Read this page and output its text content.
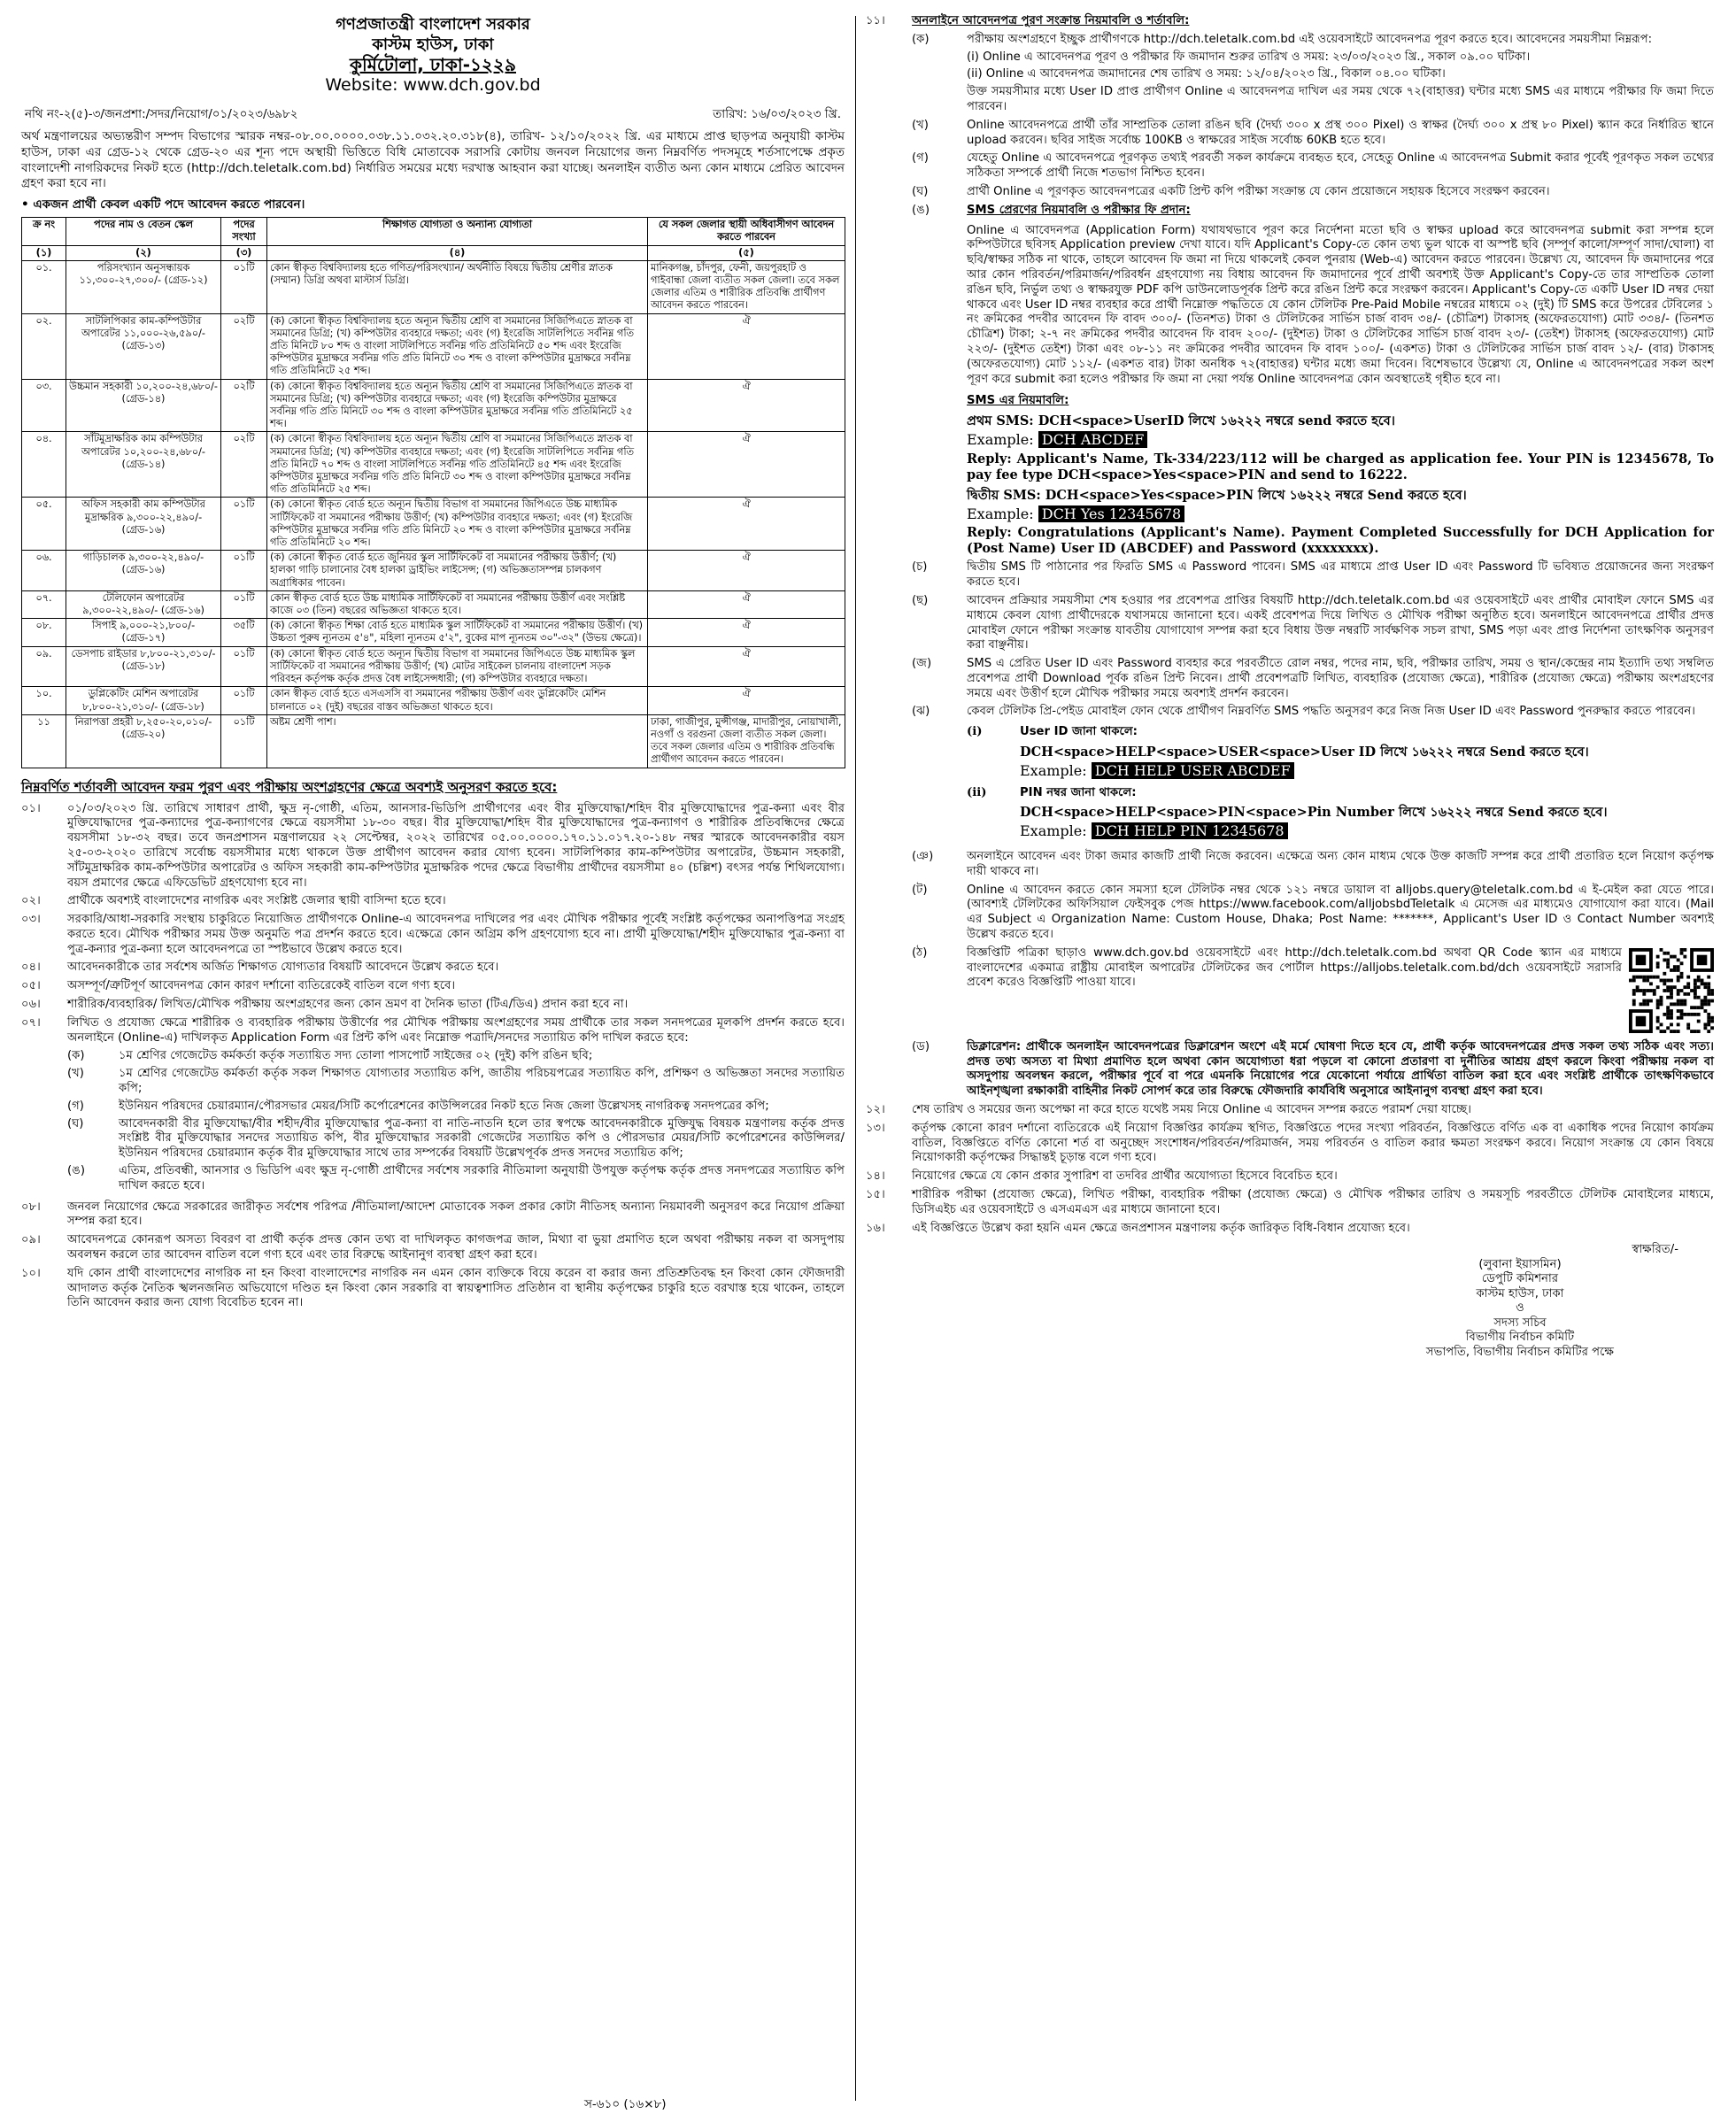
গণপ্রজাতন্ত্রী বাংলাদেশ সরকার
কাস্টম হাউস, ঢাকা
কুর্মিটোলা, ঢাকা-১২২৯
Website: www.dch.gov.bd
নথি নং-২(৫)-৩/জনপ্রশা:/সদর/নিয়োগ/০১/২০২৩/৬৯৮২	তারিখ: ১৬/০৩/২০২৩ খ্রি.

অর্থ মন্ত্রণালয়ের অভ্যন্তরীণ সম্পদ বিভাগের স্মারক নম্বর-০৮.০০.০০০০.০৩৮.১১.০৩২.২০.৩১৮(৪), তারিখ- ১২/১০/২০২২ খ্রি. এর মাধ্যমে প্রাপ্ত ছাড়পত্র অনুযায়ী কাস্টম হাউস, ঢাকা এর গ্রেড-১২ থেকে গ্রেড-২০ এর শূন্য পদে অস্থায়ী ভিত্তিতে বিধি মোতাবেক সরাসরি কোটায় জনবল নিয়োগের জন্য নিম্নবর্ণিত পদসমূহে শর্তসাপেক্ষে প্রকৃত বাংলাদেশী নাগরিকদের নিকট হতে (http://dch.teletalk.com.bd) নির্ধারিত সময়ের মধ্যে দরখাস্ত আহবান করা যাচ্ছে। অনলাইন ব্যতীত অন্য কোন মাধ্যমে প্রেরিত আবেদন গ্রহণ করা হবে না।

• একজন প্রার্থী কেবল একটি পদে আবেদন করতে পারবেন।
ক্র নং	পদের নাম ও বেতন স্কেল	পদের সংখ্যা	শিক্ষাগত যোগ্যতা ও অন্যান্য যোগ্যতা	যে সকল জেলার স্থায়ী অধিবাসীগণ আবেদন করতে পারবেন
(১)	(২)	(৩)	(৪)	(৫)
০১.	পরিসংখ্যান অনুসন্ধায়ক ১১,৩০০-২৭,৩০০/- (গ্রেড-১২)	০১টি	কোন স্বীকৃত বিশ্ববিদ্যালয় হতে গণিত/পরিসংখ্যান/ অর্থনীতি বিষয়ে দ্বিতীয় শ্রেণীর স্নাতক (সম্মান) ডিগ্রি অথবা মাস্টার্স ডিগ্রি।	মানিকগঞ্জ, চাঁদপুর, ফেনী, জয়পুরহাট ও গাইবান্ধা জেলা ব্যতীত সকল জেলা। তবে সকল জেলার এতিম ও শারীরিক প্রতিবন্ধি প্রার্থীগণ আবেদন করতে পারবেন।
০২.	সাটলিপিকার কাম-কম্পিউটার অপারেটর ১১,০০০-২৬,৫৯০/- (গ্রেড-১৩)	০২টি	(ক) কোনো স্বীকৃত বিশ্ববিদ্যালয় হতে অন্যূন দ্বিতীয় শ্রেণি বা সমমানের সিজিপিএতে স্নাতক বা সমমানের ডিগ্রি; (খ) কম্পিউটার ব্যবহারে দক্ষতা; এবং (গ) ইংরেজি সাটলিপিতে সর্বনিম্ন গতি প্রতি মিনিটে ৮০ শব্দ ও বাংলা সাটলিপিতে সর্বনিম্ন গতি প্রতিমিনিটে ৫০ শব্দ এবং ইংরেজি কম্পিউটার মুদ্রাক্ষরে সর্বনিম্ন গতি প্রতি মিনিটে ৩০ শব্দ ও বাংলা কম্পিউটার মুদ্রাক্ষরে সর্বনিম্ন গতি প্রতিমিনিটে ২৫ শব্দ।	ঐ
০৩.	উচ্চমান সহকারী ১০,২০০-২৪,৬৮০/- (গ্রেড-১৪)	০২টি	(ক) কোনো স্বীকৃত বিশ্ববিদ্যালয় হতে অন্যূন দ্বিতীয় শ্রেণি বা সমমানের সিজিপিএতে স্নাতক বা সমমানের ডিগ্রি; (খ) কম্পিউটার ব্যবহারে দক্ষতা; এবং (গ) ইংরেজি কম্পিউটার মুদ্রাক্ষরে সর্বনিম্ন গতি প্রতি মিনিটে ৩০ শব্দ ও বাংলা কম্পিউটার মুদ্রাক্ষরে সর্বনিম্ন গতি প্রতিমিনিটে ২৫ শব্দ।	ঐ
০৪.	সাঁটমুদ্রাক্ষরিক কাম কম্পিউটার অপারেটর ১০,২০০-২৪,৬৮০/- (গ্রেড-১৪)	০২টি	(ক) কোনো স্বীকৃত বিশ্ববিদ্যালয় হতে অন্যূন দ্বিতীয় শ্রেণি বা সমমানের সিজিপিএতে স্নাতক বা সমমানের ডিগ্রি; (খ) কম্পিউটার ব্যবহারে দক্ষতা; এবং (গ) ইংরেজি সাটলিপিতে সর্বনিম্ন গতি প্রতি মিনিটে ৭০ শব্দ ও বাংলা সাটলিপিতে সর্বনিম্ন গতি প্রতিমিনিটে ৪৫ শব্দ এবং ইংরেজি কম্পিউটার মুদ্রাক্ষরে সর্বনিম্ন গতি প্রতি মিনিটে ৩০ শব্দ ও বাংলা কম্পিউটার মুদ্রাক্ষরে সর্বনিম্ন গতি প্রতিমিনিটে ২৫ শব্দ।	ঐ
০৫.	অফিস সহকারী কাম কম্পিউটার মুদ্রাক্ষরিক ৯,৩০০-২২,৪৯০/- (গ্রেড-১৬)	০১টি	(ক) কোনো স্বীকৃত বোর্ড হতে অন্যূন দ্বিতীয় বিভাগ বা সমমানের জিপিএতে উচ্চ মাধ্যমিক সার্টিফিকেট বা সমমানের পরীক্ষায় উত্তীর্ণ; (খ) কম্পিউটার ব্যবহারে দক্ষতা; এবং (গ) ইংরেজি কম্পিউটার মুদ্রাক্ষরে সর্বনিম্ন গতি প্রতি মিনিটে ২০ শব্দ ও বাংলা কম্পিউটার মুদ্রাক্ষরে সর্বনিম্ন গতি প্রতিমিনিটে ২০ শব্দ।	ঐ
০৬.	গাড়িচালক ৯,৩০০-২২,৪৯০/- (গ্রেড-১৬)	০১টি	(ক) কোনো স্বীকৃত বোর্ড হতে জুনিয়র স্কুল সার্টিফিকেট বা সমমানের পরীক্ষায় উত্তীর্ণ; (খ) হালকা গাড়ি চালানোর বৈধ হালকা ড্রাইভিং লাইসেন্স; (গ) অভিজ্ঞতাসম্পন্ন চালকগণ অগ্রাধিকার পাবেন।	ঐ
০৭.	টেলিফোন অপারেটর ৯,৩০০-২২,৪৯০/- (গ্রেড-১৬)	০১টি	কোন স্বীকৃত বোর্ড হতে উচ্চ মাধ্যমিক সার্টিফিকেট বা সমমানের পরীক্ষায় উত্তীর্ণ এবং সংশ্লিষ্ট কাজে ০৩ (তিন) বছরের অভিজ্ঞতা থাকতে হবে।	ঐ
০৮.	সিপাই ৯,০০০-২১,৮০০/- (গ্রেড-১৭)	৩৫টি	(ক) কোনো স্বীকৃত শিক্ষা বোর্ড হতে মাধ্যমিক স্কুল সার্টিফিকেট বা সমমানের পরীক্ষায় উত্তীর্ণ। (খ) উচ্চতা পুরুষ ন্যূনতম ৫'৪", মহিলা ন্যূনতম ৫'২", বুকের মাপ ন্যূনতম ৩০"-৩২" (উভয় ক্ষেত্রে)।	ঐ
০৯.	ডেসপাচ রাইডার ৮,৮০০-২১,৩১০/- (গ্রেড-১৮)	০১টি	(ক) কোনো স্বীকৃত বোর্ড হতে অন্যূন দ্বিতীয় বিভাগ বা সমমানের জিপিএতে উচ্চ মাধ্যমিক স্কুল সার্টিফিকেট বা সমমানের পরীক্ষায় উত্তীর্ণ; (খ) মোটর সাইকেল চালনায় বাংলাদেশ সড়ক পরিবহন কর্তৃপক্ষ কর্তৃক প্রদত্ত বৈধ লাইসেন্সধারী; (গ) কম্পিউটার ব্যবহারে দক্ষতা।	ঐ
১০.	ডুপ্লিকেটিং মেশিন অপারেটর ৮,৮০০-২১,৩১০/- (গ্রেড-১৮)	০১টি	কোন স্বীকৃত বোর্ড হতে এসএসসি বা সমমানের পরীক্ষায় উত্তীর্ণ এবং ডুপ্লিকেটিং মেশিন চালনাতে ০২ (দুই) বছরের বাস্তব অভিজ্ঞতা থাকতে হবে।	ঐ
১১	নিরাপত্তা প্রহরী ৮,২৫০-২০,০১০/- (গ্রেড-২০)	০১টি	অষ্টম শ্রেণী পাশ।	ঢাকা, গাজীপুর, মুন্সীগঞ্জ, মাদারীপুর, নোয়াখালী, নওগাঁ ও বরগুনা জেলা ব্যতীত সকল জেলা। তবে সকল জেলার এতিম ও শারীরিক প্রতিবন্ধি প্রার্থীগণ আবেদন করতে পারবেন।
নিম্নবর্ণিত শর্তাবলী আবেদন ফরম পুরণ এবং পরীক্ষায় অংশগ্রহণের ক্ষেত্রে অবশ্যই অনুসরণ করতে হবে:
০১।	০১/০৩/২০২৩ খ্রি. তারিখে সাধারণ প্রার্থী, ক্ষুদ্র নৃ-গোষ্ঠী, এতিম, আনসার-ভিডিপি প্রার্থীগণের এবং বীর মুক্তিযোদ্ধা/শহিদ বীর মুক্তিযোদ্ধাদের পুত্র-কন্যা এবং বীর মুক্তিযোদ্ধাদের পুত্র-কন্যাদের পুত্র-কন্যাগণের ক্ষেত্রে বয়সসীমা ১৮-৩০ বছর। বীর মুক্তিযোদ্ধা/শহিদ বীর মুক্তিযোদ্ধাদের পুত্র-কন্যাগণ ও শারীরিক প্রতিবন্ধিদের ক্ষেত্রে বয়সসীমা ১৮-৩২ বছর। তবে জনপ্রশাসন মন্ত্রণালয়ের ২২ সেপ্টেম্বর, ২০২২ তারিখের ০৫.০০.০০০০.১৭০.১১.০১৭.২০-১৪৮ নম্বর স্মারকে আবেদনকারীর বয়স ২৫-০৩-২০২০ তারিখে সর্বোচ্চ বয়সসীমার মধ্যে থাকলে উক্ত প্রার্থীগণ আবেদন করার যোগ্য হবেন। সাটলিপিকার কাম-কম্পিউটার অপারেটর, উচ্চমান সহকারী, সাঁটমুদ্রাক্ষরিক কাম-কম্পিউটার অপারেটর ও অফিস সহকারী কাম-কম্পিউটার মুদ্রাক্ষরিক পদের ক্ষেত্রে বিভাগীয় প্রার্থীদের বয়সসীমা ৪০ (চল্লিশ) বৎসর পর্যন্ত শিথিলযোগ্য। বয়স প্রমাণের ক্ষেত্রে এফিডেভিট গ্রহণযোগ্য হবে না।

০২।	প্রার্থীকে অবশ্যই বাংলাদেশের নাগরিক এবং সংশ্লিষ্ট জেলার স্থায়ী বাসিন্দা হতে হবে।

০৩।	সরকারি/আধা-সরকারি সংস্থায় চাকুরিতে নিয়োজিত প্রার্থীগণকে Online-এ আবেদনপত্র দাখিলের পর এবং মৌখিক পরীক্ষার পূর্বেই সংশ্লিষ্ট কর্তৃপক্ষের অনাপত্তিপত্র সংগ্রহ করতে হবে। মৌখিক পরীক্ষার সময় উক্ত অনুমতি পত্র প্রদর্শন করতে হবে। এক্ষেত্রে কোন অগ্রিম কপি গ্রহণযোগ্য হবে না। প্রার্থী মুক্তিযোদ্ধা/শহীদ মুক্তিযোদ্ধার পুত্র-কন্যা বা পুত্র-কন্যার পুত্র-কন্যা হলে আবেদনপত্রে তা স্পষ্টভাবে উল্লেখ করতে হবে।

০৪।	আবেদনকারীকে তার সর্বশেষ অর্জিত শিক্ষাগত যোগ্যতার বিষয়টি আবেদনে উল্লেখ করতে হবে।

০৫।	অসম্পূর্ণ/ত্রুটিপূর্ণ আবেদনপত্র কোন কারণ দর্শানো ব্যতিরেকেই বাতিল বলে গণ্য হবে।

০৬।	শারীরিক/ব্যবহারিক/ লিখিত/মৌখিক পরীক্ষায় অংশগ্রহণের জন্য কোন ভ্রমণ বা দৈনিক ভাতা (টিএ/ডিএ) প্রদান করা হবে না।

০৭।	লিখিত ও প্রযোজ্য ক্ষেত্রে শারীরিক ও ব্যবহারিক পরীক্ষায় উত্তীর্ণের পর মৌখিক পরীক্ষায় অংশগ্রহণের সময় প্রার্থীকে তার সকল সনদপত্রের মূলকপি প্রদর্শন করতে হবে। অনলাইনে (Online-এ) দাখিলকৃত Application Form এর প্রিন্ট কপি এবং নিম্নোক্ত পত্রাদি/সনদের সত্যায়িত কপি দাখিল করতে হবে:
(ক)	১ম শ্রেণির গেজেটেড কর্মকর্তা কর্তৃক সত্যায়িত সদ্য তোলা পাসপোর্ট সাইজের ০২ (দুই) কপি রঙিন ছবি;
(খ)	১ম শ্রেণির গেজেটেড কর্মকর্তা কর্তৃক সকল শিক্ষাগত যোগ্যতার সত্যায়িত কপি, জাতীয় পরিচয়পত্রের সত্যায়িত কপি, প্রশিক্ষণ ও অভিজ্ঞতা সনদের সত্যায়িত কপি;
(গ)	ইউনিয়ন পরিষদের চেয়ারম্যান/পৌরসভার মেয়র/সিটি কর্পোরেশনের কাউন্সিলরের নিকট হতে নিজ জেলা উল্লেখসহ নাগরিকত্ব সনদপত্রের কপি;
(ঘ)	আবেদনকারী বীর মুক্তিযোদ্ধা/বীর শহীদ/বীর মুক্তিযোদ্ধার পুত্র-কন্যা বা নাতি-নাতনি হলে তার স্বপক্ষে আবেদনকারীকে মুক্তিযুদ্ধ বিষয়ক মন্ত্রণালয় কর্তৃক প্রদত্ত সংশ্লিষ্ট বীর মুক্তিযোদ্ধার সনদের সত্যায়িত কপি, বীর মুক্তিযোদ্ধার সরকারী গেজেটের সত্যায়িত কপি ও পৌরসভার মেয়র/সিটি কর্পোরেশনের কাউন্সিলর/ইউনিয়ন পরিষদের চেয়ারম্যান কর্তৃক বীর মুক্তিযোদ্ধার সাথে তার সম্পর্কের বিষয়টি উল্লেখপূর্বক প্রদত্ত সনদের সত্যায়িত কপি;
(ঙ)	এতিম, প্রতিবন্ধী, আনসার ও ভিডিপি এবং ক্ষুদ্র নৃ-গোষ্ঠী প্রার্থীদের সর্বশেষ সরকারি নীতিমালা অনুযায়ী উপযুক্ত কর্তৃপক্ষ কর্তৃক প্রদত্ত সনদপত্রের সত্যায়িত কপি দাখিল করতে হবে।

০৮।	জনবল নিয়োগের ক্ষেত্রে সরকারের জারীকৃত সর্বশেষ পরিপত্র /নীতিমালা/আদেশ মোতাবেক সকল প্রকার কোটা নীতিসহ অন্যান্য নিয়মাবলী অনুসরণ করে নিয়োগ প্রক্রিয়া সম্পন্ন করা হবে।

০৯।	আবেদনপত্রে কোনরূপ অসত্য বিবরণ বা প্রার্থী কর্তৃক প্রদত্ত কোন তথ্য বা দাখিলকৃত কাগজপত্র জাল, মিথ্যা বা ভুয়া প্রমাণিত হলে অথবা পরীক্ষায় নকল বা অসদুপায় অবলম্বন করলে তার আবেদন বাতিল বলে গণ্য হবে এবং তার বিরুদ্ধে আইনানুগ ব্যবস্থা গ্রহণ করা হবে।

১০।	যদি কোন প্রার্থী বাংলাদেশের নাগরিক না হন কিংবা বাংলাদেশের নাগরিক নন এমন কোন ব্যক্তিকে বিয়ে করেন বা করার জন্য প্রতিশ্রুতিবদ্ধ হন কিংবা কোন ফৌজদারী আদালত কর্তৃক নৈতিক স্খলনজনিত অভিযোগে দণ্ডিত হন কিংবা কোন সরকারি বা স্বায়ত্বশাসিত প্রতিষ্ঠান বা স্থানীয় কর্তৃপক্ষের চাকুরি হতে বরখাস্ত হয়ে থাকেন, তাহলে তিনি আবেদন করার জন্য যোগ্য বিবেচিত হবেন না।
১১।	অনলাইনে আবেদনপত্র পুরণ সংক্রান্ত নিয়মাবলি ও শর্তাবলি:
	(ক)	পরীক্ষায় অংশগ্রহণে ইচ্ছুক প্রার্থীগণকে http://dch.teletalk.com.bd এই ওয়েবসাইটে আবেদনপত্র পূরণ করতে হবে। আবেদনের সময়সীমা নিম্নরূপ:
(i) Online এ আবেদনপত্র পূরণ ও পরীক্ষার ফি জমাদান শুরুর তারিখ ও সময়: ২৩/০৩/২০২৩ খ্রি., সকাল ০৯.০০ ঘটিকা।
(ii) Online এ আবেদনপত্র জমাদানের শেষ তারিখ ও সময়: ১২/০৪/২০২৩ খ্রি., বিকাল ০৪.০০ ঘটিকা।
উক্ত সময়সীমার মধ্যে User ID প্রাপ্ত প্রার্থীগণ Online এ আবেদনপত্র দাখিল এর সময় থেকে ৭২(বাহাত্তর) ঘন্টার মধ্যে SMS এর মাধ্যমে পরীক্ষার ফি জমা দিতে পারবেন।

	(খ)	Online আবেদনপত্রে প্রার্থী তাঁর সাম্প্রতিক তোলা রঙিন ছবি (দৈর্ঘ্য ৩০০ x প্রস্থ ৩০০ Pixel) ও স্বাক্ষর (দৈর্ঘ্য ৩০০ x প্রস্থ ৮০ Pixel) স্ক্যান করে নির্ধারিত স্থানে upload করবেন। ছবির সাইজ সর্বোচ্চ 100KB ও স্বাক্ষরের সাইজ সর্বোচ্চ 60KB হতে হবে।
	(গ)	যেহেতু Online এ আবেদনপত্রে পূরণকৃত তথ্যই পরবর্তী সকল কার্যক্রমে ব্যবহৃত হবে, সেহেতু Online এ আবেদনপত্র Submit করার পূর্বেই পূরণকৃত সকল তথ্যের সঠিকতা সম্পর্কে প্রার্থী নিজে শতভাগ নিশ্চিত হবেন।
	(ঘ)	প্রার্থী Online এ পূরণকৃত আবেদনপত্রের একটি প্রিন্ট কপি পরীক্ষা সংক্রান্ত যে কোন প্রয়োজনে সহায়ক হিসেবে সংরক্ষণ করবেন।
	(ঙ)	SMS প্রেরণের নিয়মাবলি ও পরীক্ষার ফি প্রদান:
Online এ আবেদনপত্র (Application Form) যথাযথভাবে পূরণ করে নির্দেশনা মতো ছবি ও স্বাক্ষর upload করে আবেদনপত্র submit করা সম্পন্ন হলে কম্পিউটারে ছবিসহ Application preview দেখা যাবে। যদি Applicant's Copy-তে কোন তথ্য ভুল থাকে বা অস্পষ্ট ছবি (সম্পূর্ণ কালো/সম্পূর্ণ সাদা/ঘোলা) বা ছবি/স্বাক্ষর সঠিক না থাকে, তাহলে আবেদন ফি জমা না দিয়ে থাকলেই কেবল পুনরায় (Web-এ) আবেদন করতে পারবেন। উল্লেখ্য যে, আবেদন ফি জমাদানের পরে আর কোন পরিবর্তন/পরিমার্জন/পরিবর্ধন গ্রহণযোগ্য নয় বিধায় আবেদন ফি জমাদানের পূর্বে প্রার্থী অবশ্যই উক্ত Applicant's Copy-তে তার সাম্প্রতিক তোলা রঙিন ছবি, নির্ভুল তথ্য ও স্বাক্ষরযুক্ত PDF কপি ডাউনলোডপূর্বক প্রিন্ট করে রঙিন প্রিন্ট করে সংরক্ষণ করবেন। Applicant's Copy-তে একটি User ID নম্বর দেয়া থাকবে এবং User ID নম্বর ব্যবহার করে প্রার্থী নিম্নোক্ত পদ্ধতিতে যে কোন টেলিটক Pre-Paid Mobile নম্বরের মাধ্যমে ০২ (দুই) টি SMS করে উপরের টেবিলের ১ নং ক্রমিকের পদবীর আবেদন ফি বাবদ ৩০০/- (তিনশত) টাকা ও টেলিটকের সার্ভিস চার্জ বাবদ ৩৪/- (চৌত্রিশ) টাকাসহ (অফেরতযোগ্য) মোট ৩৩৪/- (তিনশত চৌত্রিশ) টাকা; ২-৭ নং ক্রমিকের পদবীর আবেদন ফি বাবদ ২০০/- (দুইশত) টাকা ও টেলিটকের সার্ভিস চার্জ বাবদ ২৩/- (তেইশ) টাকাসহ (অফেরতযোগ্য) মোট ২২৩/- (দুইশত তেইশ) টাকা এবং ০৮-১১ নং ক্রমিকের পদবীর আবেদন ফি বাবদ ১০০/- (একশত) টাকা ও টেলিটকের সার্ভিস চার্জ বাবদ ১২/- (বার) টাকাসহ (অফেরতযোগ্য) মোট ১১২/- (একশত বার) টাকা অনধিক ৭২(বাহাত্তর) ঘন্টার মধ্যে জমা দিবেন। বিশেষভাবে উল্লেখ্য যে, Online এ আবেদনপত্রের সকল অংশ পূরণ করে submit করা হলেও পরীক্ষার ফি জমা না দেয়া পর্যন্ত Online আবেদনপত্র কোন অবস্থাতেই গৃহীত হবে না।
SMS এর নিয়মাবলি:
প্রথম SMS: DCH<space>UserID লিখে ১৬২২২ নম্বরে send করতে হবে।
Example: DCH ABCDEF
Reply: Applicant's Name, Tk-334/223/112 will be charged as application fee. Your PIN is 12345678, To pay fee type DCH<space>Yes<space>PIN and send to 16222.
দ্বিতীয় SMS: DCH<space>Yes<space>PIN লিখে ১৬২২২ নম্বরে Send করতে হবে।
Example: DCH Yes 12345678
Reply: Congratulations (Applicant's Name). Payment Completed Successfully for DCH Application for (Post Name) User ID (ABCDEF) and Password (xxxxxxxx).

	(চ)	দ্বিতীয় SMS টি পাঠানোর পর ফিরতি SMS এ Password পাবেন। SMS এর মাধ্যমে প্রাপ্ত User ID এবং Password টি ভবিষ্যত প্রয়োজনের জন্য সংরক্ষণ করতে হবে।
	(ছ)	আবেদন প্রক্রিয়ার সময়সীমা শেষ হওয়ার পর প্রবেশপত্র প্রাপ্তির বিষয়টি http://dch.teletalk.com.bd এর ওয়েবসাইটে এবং প্রার্থীর মোবাইল ফোনে SMS এর মাধ্যমে কেবল যোগ্য প্রার্থীদেরকে যথাসময়ে জানানো হবে। একই প্রবেশপত্র দিয়ে লিখিত ও মৌখিক পরীক্ষা অনুষ্ঠিত হবে। অনলাইনে আবেদনপত্রে প্রার্থীর প্রদত্ত মোবাইল ফোনে পরীক্ষা সংক্রান্ত যাবতীয় যোগাযোগ সম্পন্ন করা হবে বিধায় উক্ত নম্বরটি সার্বক্ষণিক সচল রাখা, SMS পড়া এবং প্রাপ্ত নির্দেশনা তাৎক্ষণিক অনুসরণ করা বাঞ্ছনীয়।
	(জ)	SMS এ প্রেরিত User ID এবং Password ব্যবহার করে পরবর্তীতে রোল নম্বর, পদের নাম, ছবি, পরীক্ষার তারিখ, সময় ও স্থান/কেন্দ্রের নাম ইত্যাদি তথ্য সম্বলিত প্রবেশপত্র প্রার্থী Download পূর্বক রঙিন প্রিন্ট নিবেন। প্রার্থী প্রবেশপত্রটি লিখিত, ব্যবহারিক (প্রযোজ্য ক্ষেত্রে), শারীরিক (প্রযোজ্য ক্ষেত্রে) পরীক্ষায় অংশগ্রহণের সময়ে এবং উত্তীর্ণ হলে মৌখিক পরীক্ষার সময়ে অবশ্যই প্রদর্শন করবেন।
	(ঝ)	কেবল টেলিটক প্রি-পেইড মোবাইল ফোন থেকে প্রার্থীগণ নিম্নবর্ণিত SMS পদ্ধতি অনুসরণ করে নিজ নিজ User ID এবং Password পুনরুদ্ধার করতে পারবেন।
(i)	User ID জানা থাকলে:
DCH<space>HELP<space>USER<space>User ID লিখে ১৬২২২ নম্বরে Send করতে হবে।
Example: DCH HELP USER ABCDEF

(ii)	PIN নম্বর জানা থাকলে:
DCH<space>HELP<space>PIN<space>Pin Number লিখে ১৬২২২ নম্বরে Send করতে হবে।
Example: DCH HELP PIN 12345678

	(ঞ)	অনলাইনে আবেদন এবং টাকা জমার কাজটি প্রার্থী নিজে করবেন। এক্ষেত্রে অন্য কোন মাধ্যম থেকে উক্ত কাজটি সম্পন্ন করে প্রার্থী প্রতারিত হলে নিয়োগ কর্তৃপক্ষ দায়ী থাকবে না।
	(ট)	Online এ আবেদন করতে কোন সমস্যা হলে টেলিটক নম্বর থেকে ১২১ নম্বরে ডায়াল বা alljobs.query@teletalk.com.bd এ ই-মেইল করা যেতে পারে। (আবশ্যই টেলিটকের অফিসিয়াল ফেইসবুক পেজ https://www.facebook.com/alljobsbdTeletalk এ মেসেজ এর মাধ্যমেও যোগাযোগ করা যাবে। (Mail এর Subject এ Organization Name: Custom House, Dhaka; Post Name: *******, Applicant's User ID ও Contact Number অবশ্যই উল্লেখ করতে হবে।
	(ঠ)	বিজ্ঞপ্তিটি পত্রিকা ছাড়াও www.dch.gov.bd ওয়েবসাইটে এবং http://dch.teletalk.com.bd অথবা QR Code স্ক্যান এর মাধ্যমে বাংলাদেশের একমাত্র রাষ্ট্রীয় মোবাইল অপারেটর টেলিটকের জব পোর্টাল https://alljobs.teletalk.com.bd/dch ওয়েবসাইটে সরাসরি প্রবেশ করেও বিজ্ঞপ্তিটি পাওয়া যাবে।
	(ড)	ডিক্লারেশন: প্রার্থীকে অনলাইন আবেদনপত্রের ডিক্লারেশন অংশে এই মর্মে ঘোষণা দিতে হবে যে, প্রার্থী কর্তৃক আবেদনপত্রের প্রদত্ত সকল তথ্য সঠিক এবং সত্য। প্রদত্ত তথ্য অসত্য বা মিথ্যা প্রমাণিত হলে অথবা কোন অযোগ্যতা ধরা পড়লে বা কোনো প্রতারণা বা দুর্নীতির আশ্রয় গ্রহণ করলে কিংবা পরীক্ষায় নকল বা অসদুপায় অবলম্বন করলে, পরীক্ষার পূর্বে বা পরে এমনকি নিয়োগের পরে যেকোনো পর্যায়ে প্রার্থিতা বাতিল করা হবে এবং সংশ্লিষ্ট প্রার্থীকে তাৎক্ষণিকভাবে আইনশৃঙ্খলা রক্ষাকারী বাহিনীর নিকট সোপর্দ করে তার বিরুদ্ধে ফৌজদারি কার্যবিধি অনুসারে আইনানুগ ব্যবস্থা গ্রহণ করা হবে।
১২।	শেষ তারিখ ও সময়ের জন্য অপেক্ষা না করে হাতে যথেষ্ট সময় নিয়ে Online এ আবেদন সম্পন্ন করতে পরামর্শ দেয়া যাচ্ছে।
১৩।	কর্তৃপক্ষ কোনো কারণ দর্শানো ব্যতিরেকে এই নিয়োগ বিজ্ঞপ্তির কার্যক্রম স্থগিত, বিজ্ঞপ্তিতে পদের সংখ্যা পরিবর্তন, বিজ্ঞপ্তিতে বর্ণিত এক বা একাধিক পদের নিয়োগ কার্যক্রম বাতিল, বিজ্ঞপ্তিতে বর্ণিত কোনো শর্ত বা অনুচ্ছেদ সংশোধন/পরিবর্তন/পরিমার্জন, সময় পরিবর্তন ও বাতিল করার ক্ষমতা সংরক্ষণ করবে। নিয়োগ সংক্রান্ত যে কোন বিষয়ে নিয়োগকারী কর্তৃপক্ষের সিদ্ধান্তই চূড়ান্ত বলে গণ্য হবে।
১৪।	নিয়োগের ক্ষেত্রে যে কোন প্রকার সুপারিশ বা তদবির প্রার্থীর অযোগ্যতা হিসেবে বিবেচিত হবে।
১৫।	শারীরিক পরীক্ষা (প্রযোজ্য ক্ষেত্রে), লিখিত পরীক্ষা, ব্যবহারিক পরীক্ষা (প্রযোজ্য ক্ষেত্রে) ও মৌখিক পরীক্ষার তারিখ ও সময়সূচি পরবর্তীতে টেলিটক মোবাইলের মাধ্যমে, ডিসিএইচ এর ওয়েবসাইটে ও এসএমএস এর মাধ্যমে জানানো হবে।
১৬।	এই বিজ্ঞপ্তিতে উল্লেখ করা হয়নি এমন ক্ষেত্রে জনপ্রশাসন মন্ত্রণালয় কর্তৃক জারিকৃত বিধি-বিধান প্রযোজ্য হবে।
স্বাক্ষরিত/-
(লুবানা ইয়াসমিন)
ডেপুটি কমিশনার
কাস্টম হাউস, ঢাকা
ও
সদস্য সচিব
বিভাগীয় নির্বাচন কমিটি
সভাপতি, বিভাগীয় নির্বাচন কমিটির পক্ষে
স-৬১০ (১৬×৮)
